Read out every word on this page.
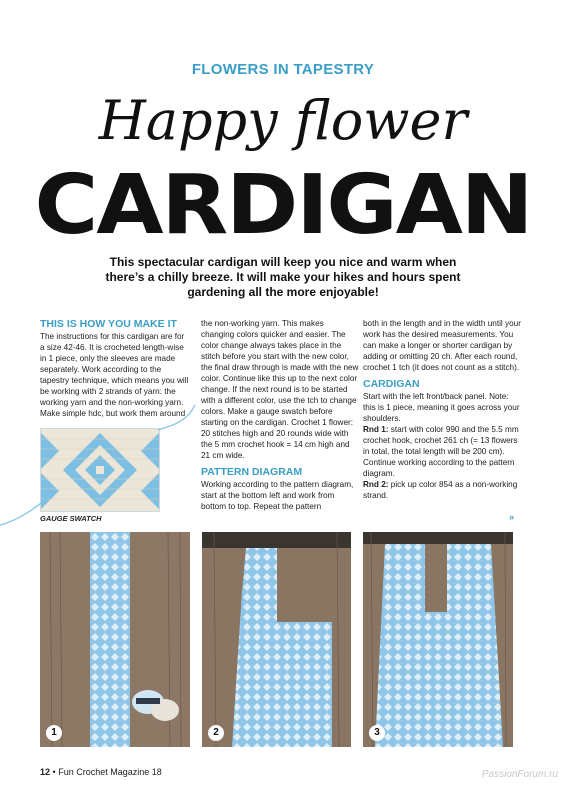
FLOWERS IN TAPESTRY
Happy flower
CARDIGAN
This spectacular cardigan will keep you nice and warm when there’s a chilly breeze. It will make your hikes and hours spent gardening all the more enjoyable!
THIS IS HOW YOU MAKE IT

The instructions for this cardigan are for a size 42-46. It is crocheted length-wise in 1 piece, only the sleeves are made separately. Work according to the tapestry technique, which means you will be working with 2 strands of yarn: the working yarn and the non-working yarn. Make simple hdc, but work them around

GAUGE SWATCH

the non-working yarn. This makes changing colors quicker and easier. The color change always takes place in the stitch before you start with the new color, the final draw through is made with the new color. Continue like this up to the next color change. If the next round is to be started with a different color, use the tch to change colors. Make a gauge swatch before starting on the cardigan. Crochet 1 flower: 20 stitches high and 20 rounds wide with the 5 mm crochet hook = 14 cm high and 21 cm wide.

PATTERN DIAGRAM

Working according to the pattern diagram, start at the bottom left and work from bottom to top. Repeat the pattern

both in the length and in the width until your work has the desired measurements. You can make a longer or shorter cardigan by adding or omitting 20 ch. After each round, crochet 1 tch (it does not count as a stitch).

CARDIGAN

Start with the left front/back panel. Note: this is 1 piece, meaning it goes across your shoulders.

Rnd 1: start with color 990 and the 5.5 mm crochet hook, crochet 261 ch (= 13 flowers in total, the total length will be 200 cm). Continue working according to the pattern diagram.

Rnd 2: pick up color 854 as a non-working strand.

»
1	2	3
12 • Fun Crochet Magazine 18	PassionForum.ru
